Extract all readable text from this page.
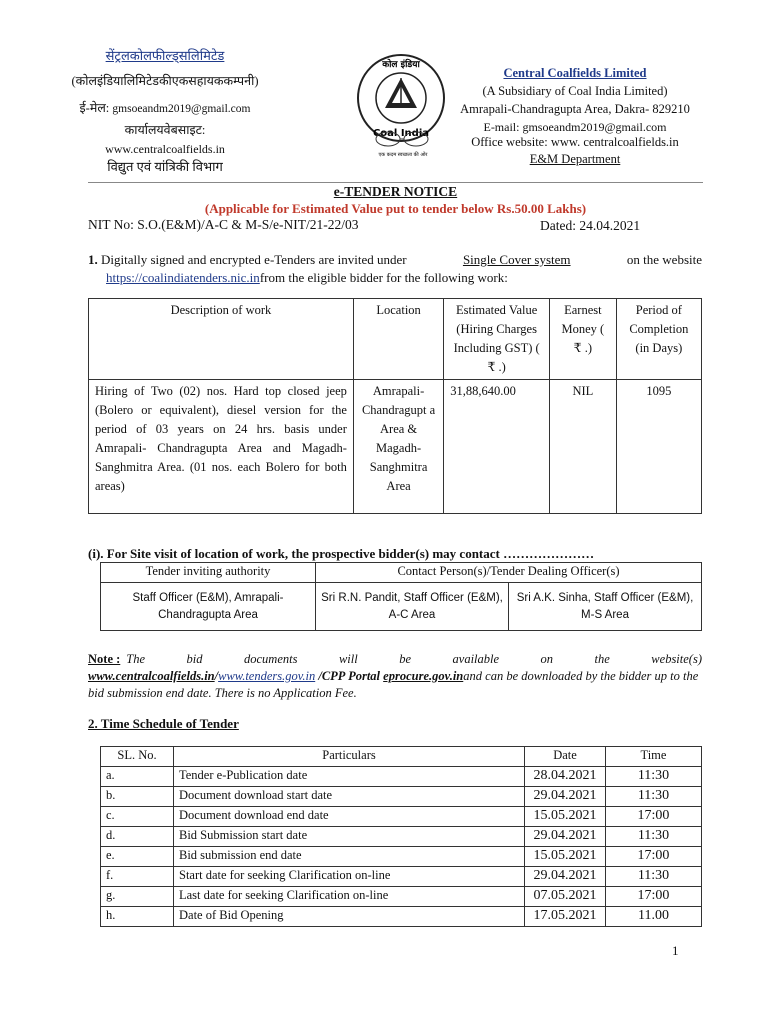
सेंट्रलकोलफील्ड्सलिमिटेड
(कोलइंडियालिमिटेडकीएकसहायककम्पनी)
ई-मेल: gmsoeandm2019@gmail.com
कार्यालयवेबसाइट:
www.centralcoalfields.in
विद्युत एवं यांत्रिकी विभाग
कोल इंडिया
Coal India
एक कदम स्वच्छता की ओर
Central Coalfields Limited
(A Subsidiary of Coal India Limited)
Amrapali-Chandragupta Area, Dakra- 829210
E-mail: gmsoeandm2019@gmail.com
Office website: www. centralcoalfields.in
E&M Department
e-TENDER NOTICE
(Applicable for Estimated Value put to tender below Rs.50.00 Lakhs)
NIT No: S.O.(E&M)/A-C & M-S/e-NIT/21-22/03	Dated: 24.04.2021
1. Digitally signed and encrypted e-Tenders are invited under	Single Cover system	on the website
https://coalindiatenders.nic.infrom the eligible bidder for the following work:
Description of work	Location	Estimated Value (Hiring Charges Including GST) ( ₹ .)	Earnest Money ( ₹ .)	Period of Completion (in Days)
Hiring of Two (02) nos. Hard top closed jeep (Bolero or equivalent), diesel version for the period of 03 years on 24 hrs. basis under Amrapali- Chandragupta Area and Magadh-Sanghmitra Area. (01 nos. each Bolero for both areas)	Amrapali- Chandragupt a Area & Magadh- Sanghmitra Area	31,88,640.00	NIL	1095
(i). For Site visit of location of work, the prospective bidder(s) may contact …………………
Tender inviting authority	Contact Person(s)/Tender Dealing Officer(s)	
Staff Officer (E&M), Amrapali-Chandragupta Area	Sri R.N. Pandit, Staff Officer (E&M), A-C Area	Sri A.K. Sinha, Staff Officer (E&M), M-S Area
Note : The bid documents will be available on the website(s)
www.centralcoalfields.in/www.tenders.gov.in /CPP Portal eprocure.gov.inand can be downloaded by the bidder up to the bid submission end date. There is no Application Fee.
2. Time Schedule of Tender
SL. No.	Particulars	Date	Time
a.	Tender e-Publication date	28.04.2021	11:30
b.	Document download start date	29.04.2021	11:30
c.	Document download end date	15.05.2021	17:00
d.	Bid Submission start date	29.04.2021	11:30
e.	Bid submission end date	15.05.2021	17:00
f.	Start date for seeking Clarification on-line	29.04.2021	11:30
g.	Last date for seeking Clarification on-line	07.05.2021	17:00
h.	Date of Bid Opening	17.05.2021	11.00
1
